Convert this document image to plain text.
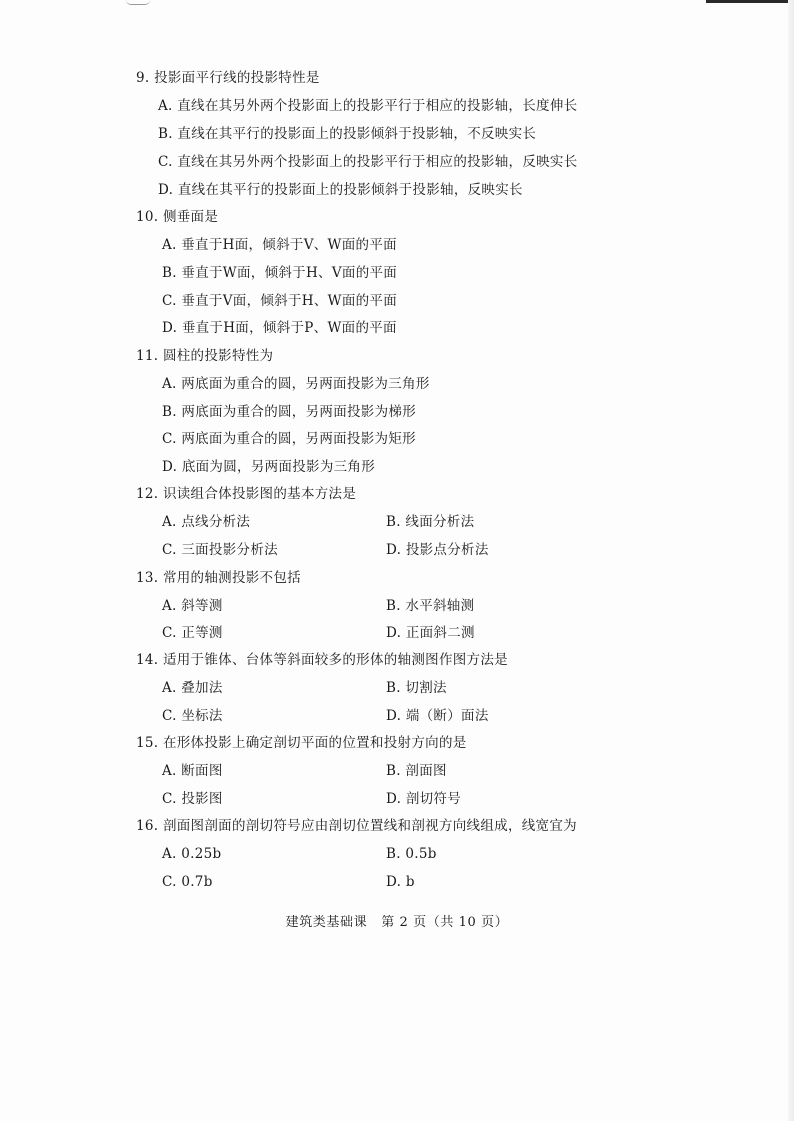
9. 投影面平行线的投影特性是
A. 直线在其另外两个投影面上的投影平行于相应的投影轴，长度伸长
B. 直线在其平行的投影面上的投影倾斜于投影轴，不反映实长
C. 直线在其另外两个投影面上的投影平行于相应的投影轴，反映实长
D. 直线在其平行的投影面上的投影倾斜于投影轴，反映实长
10. 侧垂面是
A. 垂直于H面，倾斜于V、W面的平面
B. 垂直于W面，倾斜于H、V面的平面
C. 垂直于V面，倾斜于H、W面的平面
D. 垂直于H面，倾斜于P、W面的平面
11. 圆柱的投影特性为
A. 两底面为重合的圆，另两面投影为三角形
B. 两底面为重合的圆，另两面投影为梯形
C. 两底面为重合的圆，另两面投影为矩形
D. 底面为圆，另两面投影为三角形
12. 识读组合体投影图的基本方法是
A. 点线分析法	B. 线面分析法
C. 三面投影分析法	D. 投影点分析法
13. 常用的轴测投影不包括
A. 斜等测	B. 水平斜轴测
C. 正等测	D. 正面斜二测
14. 适用于锥体、台体等斜面较多的形体的轴测图作图方法是
A. 叠加法	B. 切割法
C. 坐标法	D. 端（断）面法
15. 在形体投影上确定剖切平面的位置和投射方向的是
A. 断面图	B. 剖面图
C. 投影图	D. 剖切符号
16. 剖面图剖面的剖切符号应由剖切位置线和剖视方向线组成，线宽宜为
A. 0.25b	B. 0.5b
C. 0.7b	D. b
建筑类基础课 第 2 页（共 10 页）
